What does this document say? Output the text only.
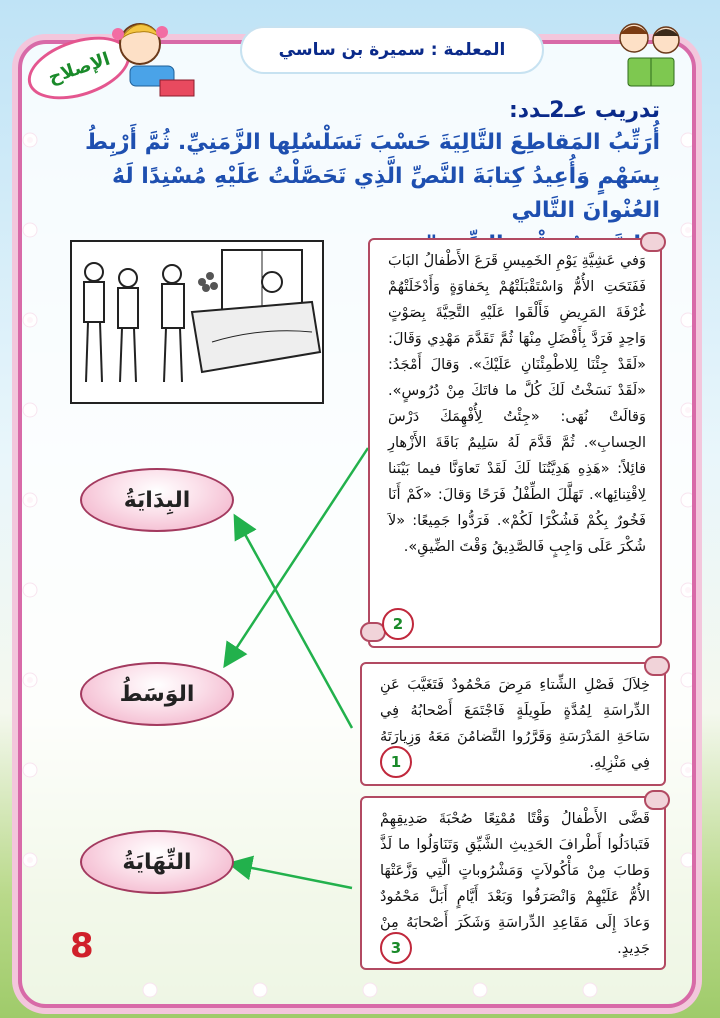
المعلمة : سميرة بن ساسي
الإصلاح
تدريب عـ2ـدد:
أُرَتِّبُ المَقاطِعَ التَّالِيَةَ حَسْبَ تَسَلْسُلِها الزَّمَنِيِّ. ثُمَّ أَرْبِطُ بِسَهْمٍ وَأُعِيدُ كِتابَةَ النَّصِّ الَّذِي تَحَصَّلْتُ عَلَيْهِ مُسْنِدًا لَهُ العُنْوانَ التَّالي
وَفي عَشِيَّةِ يَوْمِ الخَمِيسِ قَرَعَ الأَطْفالُ البَابَ فَفَتَحَتِ الأُمُّ وَاسْتَقْبَلَتْهُمْ بِحَفاوَةٍ وَأَدْخَلَتْهُمْ غُرْفَةَ المَرِيضِ فَأَلْقَوا عَلَيْهِ التَّحِيَّةَ بِصَوْتٍ وَاحِدٍ فَرَدَّ بِأَفْضَلِ مِنْهَا ثُمَّ تَقَدَّمَ مَهْدِي وَقَالَ: «لَقَدْ جِئْنَا لِلاطْمِئْنَانِ عَلَيْكَ». وَقالَ أَمْجَدُ: «لَقَدْ نَسَخْتُ لَكَ كُلَّ ما فاتَكَ مِنْ دُرُوسٍ». وَقالَتْ نُهَى: «جِئْتُ لِأُفْهِمَكَ دَرْسَ الحِسابِ». ثُمَّ قَدَّمَ لَهُ سَلِيمٌ بَاقَةَ الأَزْهارِ قائِلاً: «هَذِهِ هَدِيَّتُنَا لَكَ لَقَدْ تَعاوَنَّا فيما بَيْنَنا لِاقْتِنائِها». تَهَلَّلَ الطِّفْلُ فَرَحًا وَقالَ: «كَمْ أَنَا فَخُورٌ بِكُمْ فَشُكْرًا لَكُمْ». فَرَدُّوا جَمِيعًا: «لاَ شُكْرَ عَلَى وَاجِبٍ فَالصَّدِيقُ وَقْتَ الضِّيقِ».
2
خِلاَلَ فَصْلِ الشِّتاءِ مَرِضَ مَحْمُودٌ فَتَغَيَّبَ عَنِ الدِّراسَةِ لِمُدَّةٍ طَوِيلَةٍ فَاجْتَمَعَ أَصْحابُهُ فِي سَاحَةِ المَدْرَسَةِ وَقَرَّرُوا التَّضامُنَ مَعَهُ وَزِيارَتَهُ فِي مَنْزِلِهِ.
1
قَضَّى الأَطْفالُ وَقْتًا مُمْتِعًا صُحْبَةَ صَدِيقِهِمْ فَتَبادَلُوا أَطْرافَ الحَدِيثِ الشَّيِّقِ وَتَنَاوَلُوا ما لَذَّ وَطابَ مِنْ مَأْكُولاَتٍ وَمَشْرُوباتٍ الَّتِي وَزَّعَتْهَا الأُمُّ عَلَيْهِمْ وَانْصَرَفُوا وَبَعْدَ أَيَّامٍ أَبَلَّ مَحْمُودٌ وَعادَ إِلَى مَقَاعِدِ الدِّراسَةِ وَشَكَرَ أَصْحابَهُ مِنْ جَدِيدٍ.
3
البِدَايَةُ
الوَسَطُ
النِّهَايَةُ
8
